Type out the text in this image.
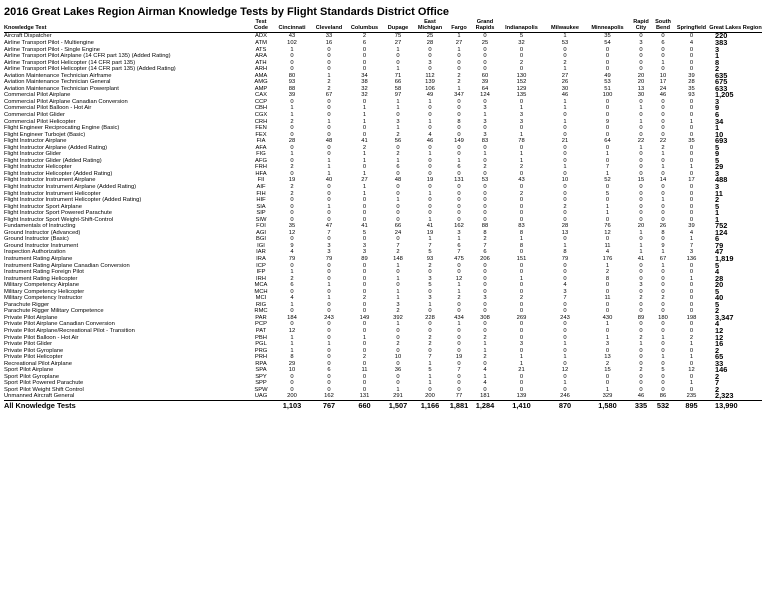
2016 Great Lakes Region Airman Knowledge Tests by Flight Standards District Office
Knowledge Test	Test Code	Cincinnati	Cleveland	Columbus	Dupage	East Michigan	Fargo	Grand Rapids	Indianapolis	Milwaukee	Minneapolis	Rapid City	South Bend	Springfield	Great Lakes Region
Aircraft Dispatcher	ADX	43	33	2	75	25	1	0	5	1	35	0	0	0	220
Airline Transport Pilot - Multiengine	ATM	102	16	6	27	28	27	25	32	53	54	3	6	4	383
Airline Transport Pilot - Single Engine	ATS	1	0	0	1	0	1	0	0	0	0	0	0	0	3
Airline Transport Pilot Airplane (14 CFR part 135) (Added Rating)	ARA	0	0	0	0	0	0	0	0	0	0	0	0	0	1
Airline Transport Pilot Helicopter (14 CFR part 135)	ATH	0	0	0	0	3	0	0	2	2	0	0	1	0	8
Airline Transport Pilot Helicopter (14 CFR part 135) (Added Rating)	ARH	0	0	0	1	0	0	0	0	1	0	0	0	0	2
Aviation Maintenance Technician Airframe	AMA	80	1	34	71	112	2	60	130	27	49	20	10	39	635
Aviation Maintenance Technician General	AMG	93	2	38	66	139	2	39	152	26	53	20	17	28	675
Aviation Maintenance Technician Powerplant	AMP	88	2	32	58	106	1	64	129	30	51	13	24	35	633
Commercial Pilot Airplane	CAX	39	67	32	97	49	347	124	135	46	100	30	46	93	1,205
Commercial Pilot Airplane Canadian Conversion	CCP	0	0	0	1	1	0	0	0	1	0	0	0	0	3
Commercial Pilot Balloon - Hot Air	CBH	1	0	1	1	0	0	3	1	1	0	1	0	0	9
Commercial Pilot Glider	CGX	1	0	1	0	0	0	1	3	0	0	0	0	0	6
Commercial Pilot Helicopter	CRH	2	1	1	3	1	8	3	3	1	9	1	0	1	34
Flight Engineer Reciprocating Engine (Basic)	FEN	0	0	0	1	0	0	0	0	0	0	0	0	0	1
Flight Engineer Turbojet (Basic)	FEX	0	0	0	2	4	0	3	1	0	0	0	0	0	10
Flight Instructor Airplane	FIA	28	48	41	56	46	149	83	78	21	64	22	22	35	693
Flight Instructor Airplane (Added Rating)	AFA	0	0	2	0	0	0	0	0	0	0	1	2	0	5
Flight Instructor Glider	FIG	1	0	1	2	1	0	1	1	0	1	0	1	0	9
Flight Instructor Glider (Added Rating)	AFG	0	1	1	1	0	1	0	1	0	0	0	0	0	5
Flight Instructor Helicopter	FRH	2	1	0	6	0	6	2	2	1	7	0	1	1	29
Flight Instructor Helicopter (Added Rating)	HFA	0	1	1	0	0	0	0	0	0	1	0	0	0	3
Flight Instructor Instrument Airplane	FII	19	40	27	48	19	131	53	43	10	52	15	14	17	488
Flight Instructor Instrument Airplane (Added Rating)	AIF	2	0	1	0	0	0	0	0	0	0	0	0	0	3
Flight Instructor Instrument Helicopter	FIH	2	0	1	0	1	0	0	2	0	5	0	0	0	11
Flight Instructor Instrument Helicopter (Added Rating)	HIF	0	0	0	1	0	0	0	0	0	0	0	1	0	2
Flight Instructor Sport Airplane	SIA	0	1	0	0	0	0	0	0	2	1	0	0	0	5
Flight Instructor Sport Powered Parachute	SIP	0	0	0	0	0	0	0	0	0	1	0	0	0	1
Flight Instructor Sport Weight-Shift-Control	SIW	0	0	0	0	1	0	0	0	0	0	0	0	0	1
Fundamentals of Instructing	FOI	35	47	41	66	41	162	88	83	28	76	20	26	39	752
Ground Instructor (Advanced)	AGI	12	7	5	24	19	3	8	8	13	12	1	8	4	124
Ground Instructor (Basic)	BGI	0	0	0	0	1	1	2	1	0	0	0	0	1	6
Ground Instructor Instrument	IGI	9	3	3	7	7	6	7	8	1	11	1	9	7	79
Inspection Authorization	IAR	4	3	3	2	5	7	6	0	8	4	1	1	3	47
Instrument Rating Airplane	IRA	79	79	89	148	93	475	206	151	79	176	41	67	136	1,819
Instrument Rating Airplane Canadian Conversion	ICP	0	0	0	1	2	0	0	0	0	1	0	1	0	5
Instrument Rating Foreign Pilot	IFP	1	0	0	0	0	0	0	0	0	2	0	0	0	4
Instrument Rating Helicopter	IRH	2	0	0	1	3	12	0	1	0	8	0	0	1	28
Military Competency Airplane	MCA	6	1	0	0	5	1	0	0	4	0	3	0	0	20
Military Competency Helicopter	MCH	0	0	0	1	0	1	0	0	3	0	0	0	0	5
Military Competency Instructor	MCI	4	1	2	1	3	2	3	2	7	11	2	2	0	40
Parachute Rigger	RIG	1	0	0	3	1	0	0	0	0	0	0	0	0	5
Parachute Rigger Military Competence	RMC	0	0	0	2	0	0	0	0	0	0	0	0	0	2
Private Pilot Airplane	PAR	184	243	149	392	228	434	308	269	243	430	89	180	198	3,347
Private Pilot Airplane Canadian Conversion	PCP	0	0	0	1	0	1	0	0	0	1	0	0	0	4
Private Pilot Airplane/Recreational Pilot - Transition	PAT	12	0	0	0	0	0	0	0	0	0	0	0	0	12
Private Pilot Balloon - Hot Air	PBH	1	0	1	0	2	0	2	0	0	1	2	1	2	12
Private Pilot Glider	PGL	1	1	0	2	2	0	1	3	1	3	1	0	1	16
Private Pilot Gyroplane	PRG	1	0	0	0	0	0	1	0	0	0	0	0	0	2
Private Pilot Helicopter	PRH	8	0	2	10	7	19	2	1	1	13	0	1	1	65
Recreational Pilot Airplane	RPA	29	0	0	0	1	0	0	1	0	2	0	0	0	33
Sport Pilot Airplane	SPA	10	6	11	36	5	7	4	21	12	15	2	5	12	146
Sport Pilot Gyroplane	SPY	0	0	0	0	1	0	1	0	0	0	0	0	0	2
Sport Pilot Powered Parachute	SPP	0	0	0	0	1	0	4	0	1	0	0	0	1	7
Sport Pilot Weight Shift Control	SPW	0	0	0	1	0	0	0	0	0	1	0	0	0	2
Unmanned Aircraft General	UAG	200	162	131	291	200	77	181	139	246	329	46	86	235	2,323
All Knowledge Tests		1,103	767	660	1,507	1,166	1,881	1,284	1,410	870	1,580	335	532	895	13,990
